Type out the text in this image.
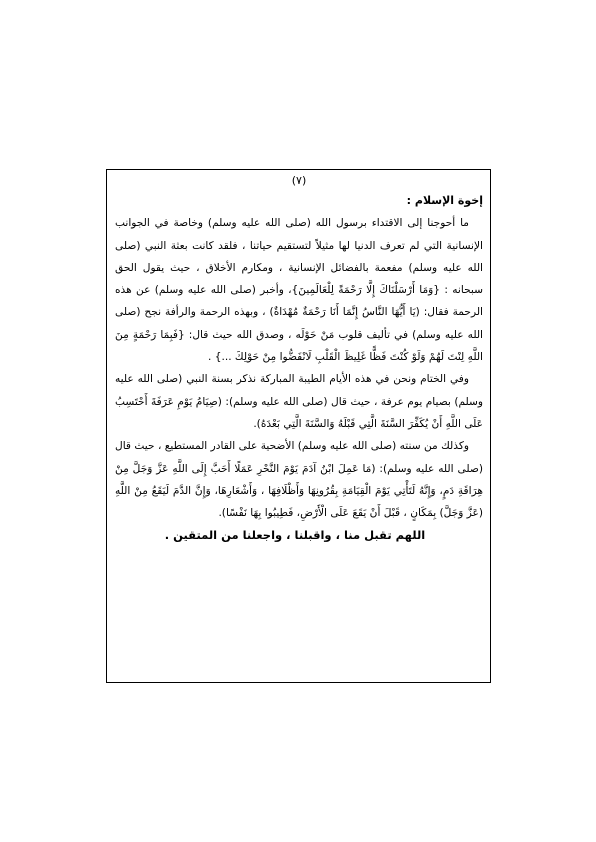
(٧)
إخوة الإسلام :

ما أحوجنا إلى الاقتداء برسول الله (صلى الله عليه وسلم) وخاصة في الجوانب الإنسانية التي لم تعرف الدنيا لها مثيلاً لتستقيم حياتنا ، فلقد كانت بعثة النبي (صلى الله عليه وسلم) مفعمة بالفضائل الإنسانية ، ومكارم الأخلاق ، حيث يقول الحق سبحانه : {وَمَا أَرْسَلْنَاكَ إِلَّا رَحْمَةً لِلْعَالَمِينَ}، وأخبر (صلى الله عليه وسلم) عن هذه الرحمة فقال: (يَا أَيُّهَا النَّاسُ إِنَّمَا أَنَا رَحْمَةٌ مُهْدَاةٌ) ، وبهذه الرحمة والرأفة نجح (صلى الله عليه وسلم) في تأليف قلوب مَنْ حَوْلَه ، وصدق الله حيث قال: {فَبِمَا رَحْمَةٍ مِنَ اللَّهِ لِنْتَ لَهُمْ وَلَوْ كُنْتَ فَظًّا غَلِيظَ الْقَلْبِ لَانْفَضُّوا مِنْ حَوْلِكَ ...} .

وفي الختام ونحن في هذه الأيام الطيبة المباركة نذكر بسنة النبي (صلى الله عليه وسلم) بصيام يوم عرفة ، حيث قال (صلى الله عليه وسلم): (صِيَامُ يَوْمِ عَرَفَةَ أَحْتَسِبُ عَلَى اللَّهِ أَنْ يُكَفِّرَ السَّنَةَ الَّتِي قَبْلَهُ وَالسَّنَةَ الَّتِي بَعْدَهُ).

وكذلك من سنته (صلى الله عليه وسلم) الأضحية على القادر المستطيع ، حيث قال (صلى الله عليه وسلم): (مَا عَمِلَ ابْنُ آدَمَ يَوْمَ النَّحْرِ عَمَلًا أَحَبَّ إِلَى اللَّهِ عَزَّ وَجَلَّ مِنْ هِرَاقَةِ دَمٍ، وَإِنَّهُ لَتَأْتِي يَوْمَ الْقِيَامَةِ بِقُرُونِهَا وَأَظْلَافِهَا ، وَأَشْعَارِهَا، وَإِنَّ الدَّمَ لَيَقَعُ مِنْ اللَّهِ (عَزَّ وَجَلَّ) بِمَكَانٍ ، قَبْلَ أَنْ يَقَعَ عَلَى الْأَرْضِ، فَطِيبُوا بِهَا نَفْسًا).

اللهم تقبل منا ، واقبلنا ، واجعلنا من المتقين .
